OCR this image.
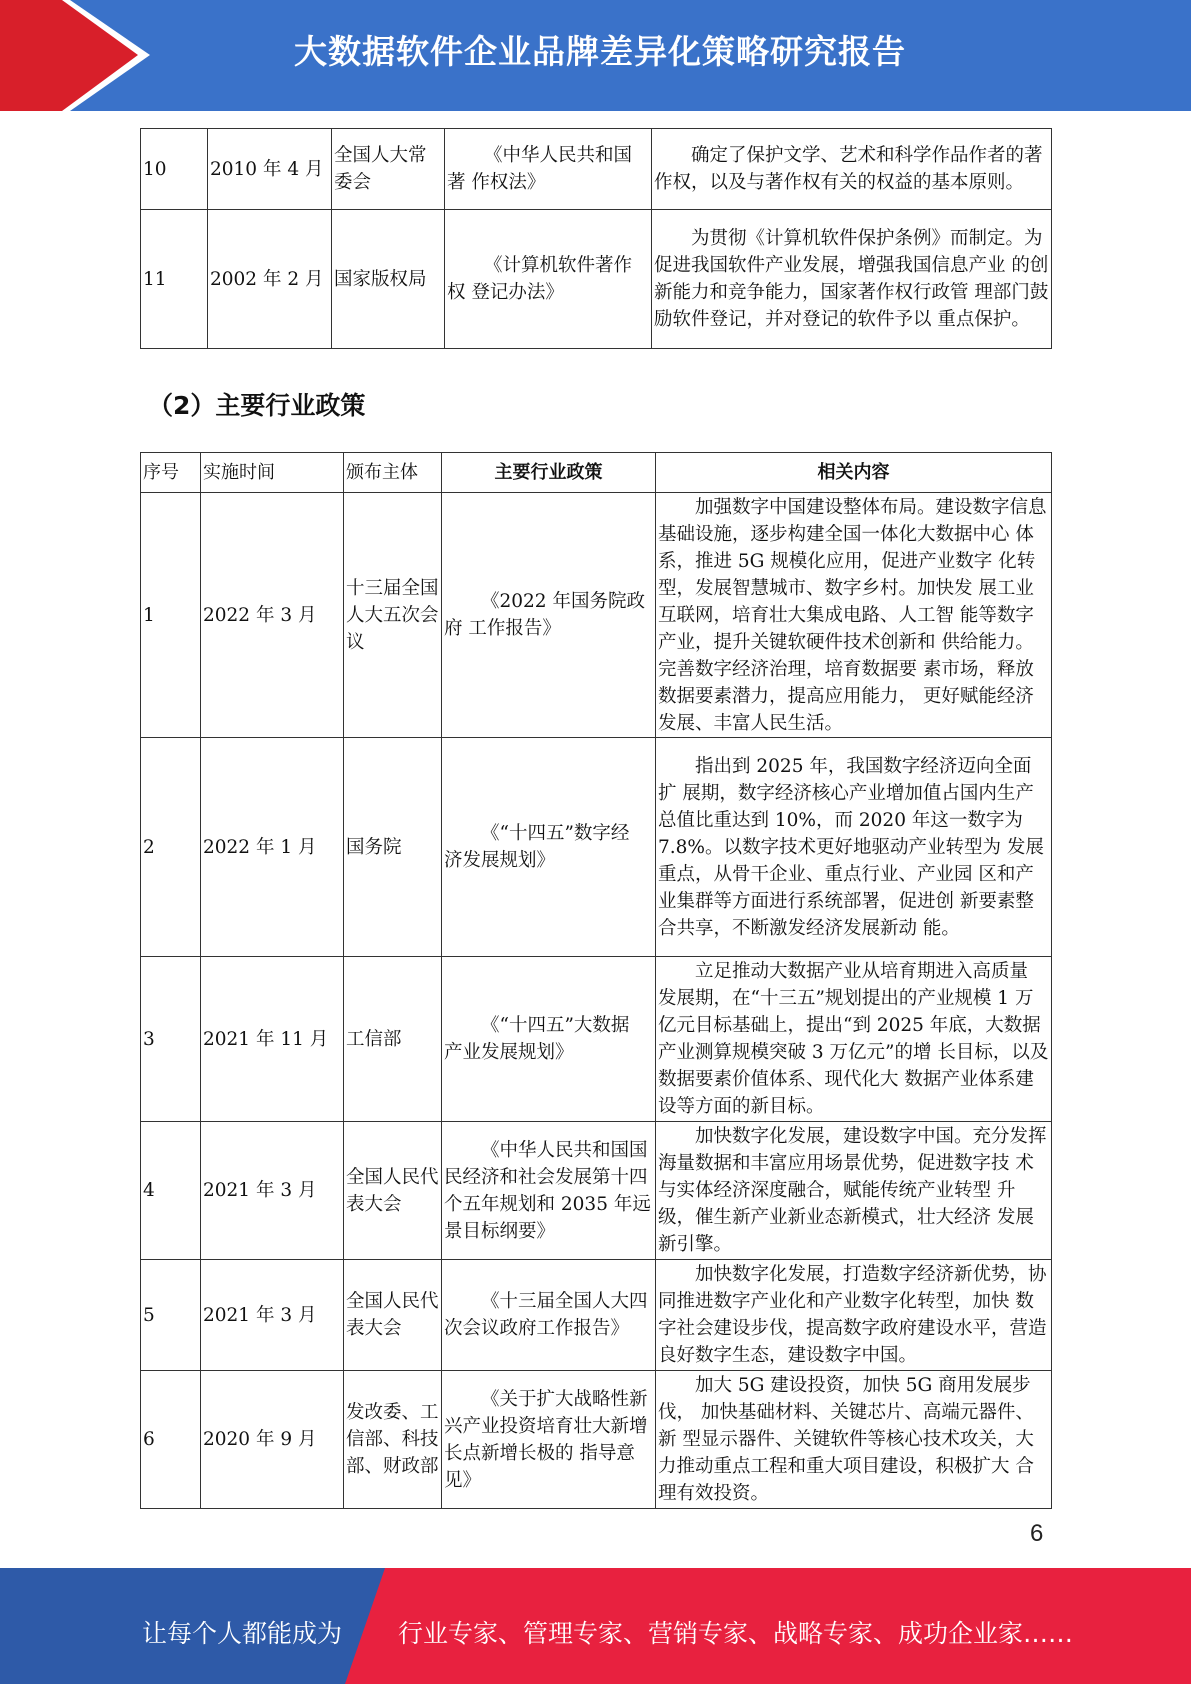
大数据软件企业品牌差异化策略研究报告
10	2010 年 4 月	全国人大常委会	《中华人民共和国著 作权法》	确定了保护文学、艺术和科学作品作者的著 作权，以及与著作权有关的权益的基本原则。
11	2002 年 2 月	国家版权局	《计算机软件著作权 登记办法》	为贯彻《计算机软件保护条例》而制定。为 促进我国软件产业发展，增强我国信息产业 的创新能力和竞争能力，国家著作权行政管 理部门鼓励软件登记，并对登记的软件予以 重点保护。
（2）主要行业政策
序号	实施时间	颁布主体	主要行业政策	相关内容
1	2022 年 3 月	十三届全国人大五次会议	《2022 年国务院政府 工作报告》	加强数字中国建设整体布局。建设数字信息 基础设施，逐步构建全国一体化大数据中心 体系，推进 5G 规模化应用，促进产业数字 化转型，发展智慧城市、数字乡村。加快发 展工业互联网，培育壮大集成电路、人工智 能等数字产业，提升关键软硬件技术创新和 供给能力。完善数字经济治理，培育数据要 素市场，释放数据要素潜力，提高应用能力， 更好赋能经济发展、丰富人民生活。
2	2022 年 1 月	国务院	《“十四五”数字经 济发展规划》	指出到 2025 年，我国数字经济迈向全面扩 展期，数字经济核心产业增加值占国内生产 总值比重达到 10%，而 2020 年这一数字为 7.8%。以数字技术更好地驱动产业转型为 发展重点，从骨干企业、重点行业、产业园 区和产业集群等方面进行系统部署，促进创 新要素整合共享，不断激发经济发展新动 能。
3	2021 年 11 月	工信部	《“十四五”大数据 产业发展规划》	立足推动大数据产业从培育期进入高质量 发展期，在“十三五”规划提出的产业规模 1 万亿元目标基础上，提出“到 2025 年底，大数据产业测算规模突破 3 万亿元”的增 长目标，以及数据要素价值体系、现代化大 数据产业体系建设等方面的新目标。
4	2021 年 3 月	全国人民代表大会	《中华人民共和国国 民经济和社会发展第十四个五年规划和 2035 年远景目标纲要》	加快数字化发展，建设数字中国。充分发挥 海量数据和丰富应用场景优势，促进数字技 术与实体经济深度融合，赋能传统产业转型 升级，催生新产业新业态新模式，壮大经济 发展新引擎。
5	2021 年 3 月	全国人民代表大会	《十三届全国人大四 次会议政府工作报告》	加快数字化发展，打造数字经济新优势，协 同推进数字产业化和产业数字化转型，加快 数字社会建设步伐，提高数字政府建设水平，营造良好数字生态，建设数字中国。
6	2020 年 9 月	发改委、工信部、科技部、财政部	《关于扩大战略性新 兴产业投资培育壮大新增长点新增长极的 指导意见》	加大 5G 建设投资，加快 5G 商用发展步伐， 加快基础材料、关键芯片、高端元器件、新 型显示器件、关键软件等核心技术攻关，大 力推动重点工程和重大项目建设，积极扩大 合理有效投资。
6
让每个人都能成为 行业专家、管理专家、营销专家、战略专家、成功企业家……
